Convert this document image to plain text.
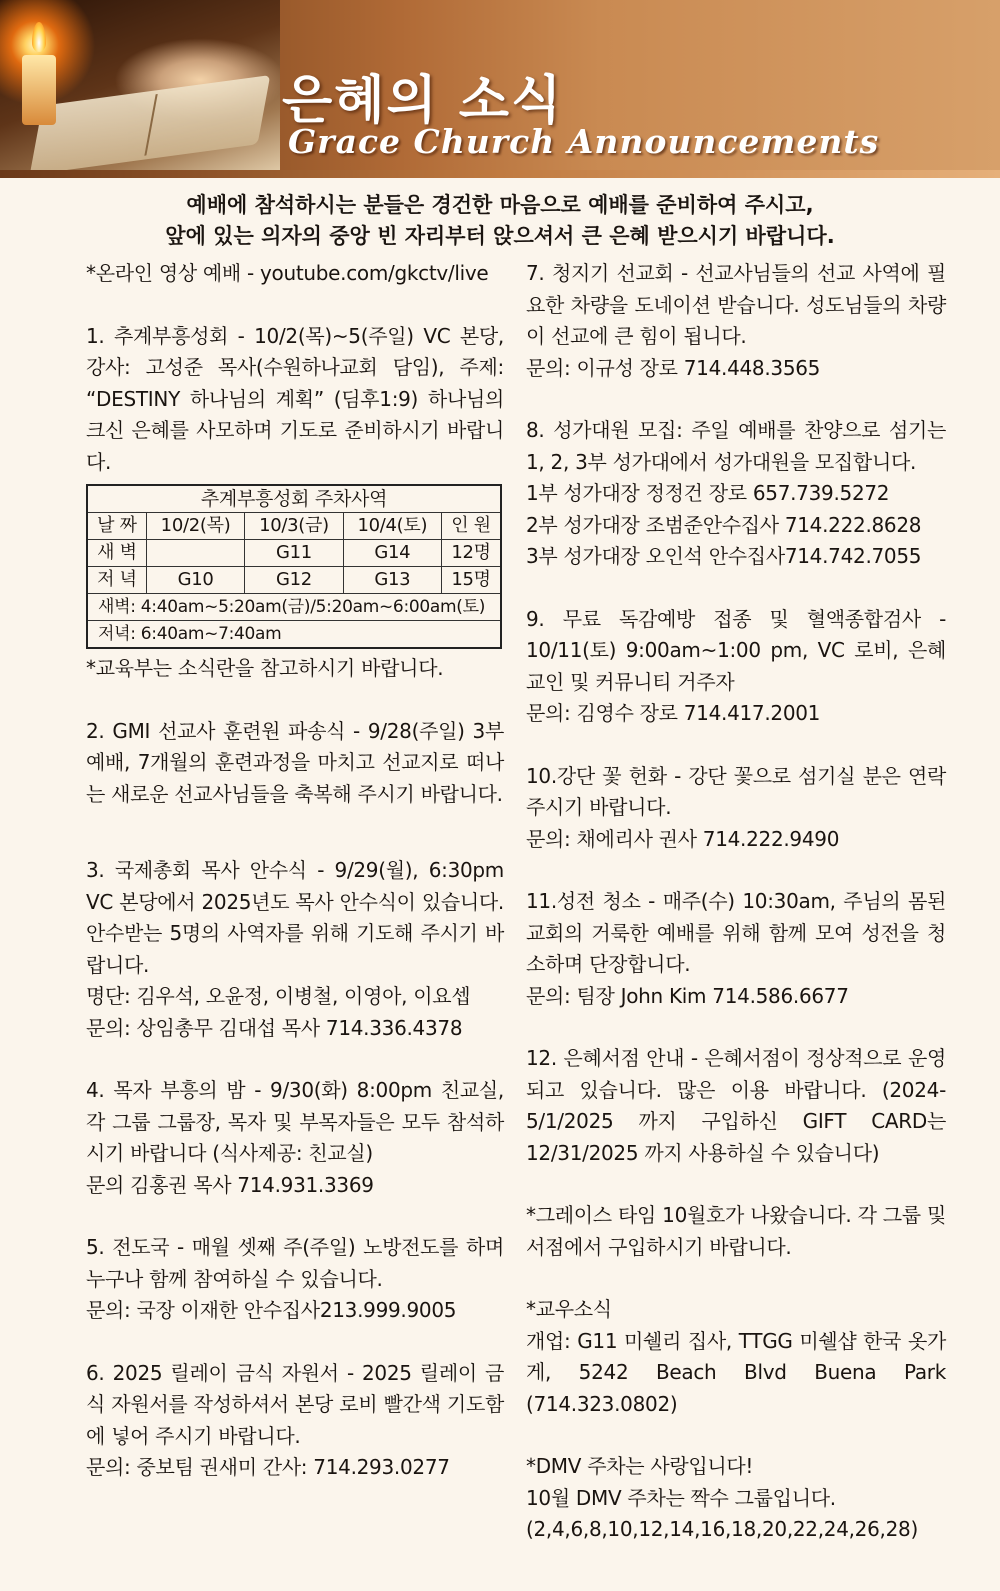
은혜의 소식
Grace Church Announcements
예배에 참석하시는 분들은 경건한 마음으로 예배를 준비하여 주시고,
앞에 있는 의자의 중앙 빈 자리부터 앉으셔서 큰 은혜 받으시기 바랍니다.

*온라인 영상 예배 - youtube.com/gkctv/live

1. 추계부흥성회 - 10/2(목)~5(주일) VC 본당, 강사: 고성준 목사(수원하나교회 담임), 주제: “DESTINY 하나님의 계획” (딤후1:9) 하나님의 크신 은혜를 사모하며 기도로 준비하시기 바랍니다.

추계부흥성회 주차사역				
날 짜	10/2(목)	10/3(금)	10/4(토)	인 원
새 벽		G11	G14	12명
저 녁	G10	G12	G13	15명
새벽: 4:40am~5:20am(금)/5:20am~6:00am(토)				
저녁: 6:40am~7:40am				

*교육부는 소식란을 참고하시기 바랍니다.

2. GMI 선교사 훈련원 파송식 - 9/28(주일) 3부 예배, 7개월의 훈련과정을 마치고 선교지로 떠나는 새로운 선교사님들을 축복해 주시기 바랍니다.

3. 국제총회 목사 안수식 - 9/29(월), 6:30pm VC 본당에서 2025년도 목사 안수식이 있습니다. 안수받는 5명의 사역자를 위해 기도해 주시기 바랍니다.

명단: 김우석, 오윤정, 이병철, 이영아, 이요셉

문의: 상임총무 김대섭 목사 714.336.4378

4. 목자 부흥의 밤 - 9/30(화) 8:00pm 친교실, 각 그룹 그룹장, 목자 및 부목자들은 모두 참석하시기 바랍니다 (식사제공: 친교실)

문의 김홍권 목사 714.931.3369

5. 전도국 - 매월 셋째 주(주일) 노방전도를 하며 누구나 함께 참여하실 수 있습니다.

문의: 국장 이재한 안수집사213.999.9005

6. 2025 릴레이 금식 자원서 - 2025 릴레이 금식 자원서를 작성하셔서 본당 로비 빨간색 기도함에 넣어 주시기 바랍니다.

문의: 중보팀 권새미 간사: 714.293.0277

7. 청지기 선교회 - 선교사님들의 선교 사역에 필요한 차량을 도네이션 받습니다. 성도님들의 차량이 선교에 큰 힘이 됩니다.

문의: 이규성 장로 714.448.3565

8. 성가대원 모집: 주일 예배를 찬양으로 섬기는 1, 2, 3부 성가대에서 성가대원을 모집합니다.

1부 성가대장 정정건 장로 657.739.5272

2부 성가대장 조범준안수집사 714.222.8628

3부 성가대장 오인석 안수집사714.742.7055

9. 무료 독감예방 접종 및 혈액종합검사 - 10/11(토) 9:00am~1:00 pm, VC 로비, 은혜교인 및 커뮤니티 거주자

문의: 김영수 장로 714.417.2001

10.강단 꽃 헌화 - 강단 꽃으로 섬기실 분은 연락 주시기 바랍니다.

문의: 채에리사 권사 714.222.9490

11.성전 청소 - 매주(수) 10:30am, 주님의 몸된 교회의 거룩한 예배를 위해 함께 모여 성전을 청소하며 단장합니다.

문의: 팀장 John Kim 714.586.6677

12. 은혜서점 안내 - 은혜서점이 정상적으로 운영되고 있습니다. 많은 이용 바랍니다. (2024-5/1/2025 까지 구입하신 GIFT CARD는 12/31/2025 까지 사용하실 수 있습니다)

*그레이스 타임 10월호가 나왔습니다. 각 그룹 및 서점에서 구입하시기 바랍니다.

*교우소식

개업: G11 미쉘리 집사, TTGG 미쉘샵 한국 옷가게, 5242 Beach Blvd Buena Park (714.323.0802)

*DMV 주차는 사랑입니다!

10월 DMV 주차는 짝수 그룹입니다.

(2,4,6,8,10,12,14,16,18,20,22,24,26,28)
